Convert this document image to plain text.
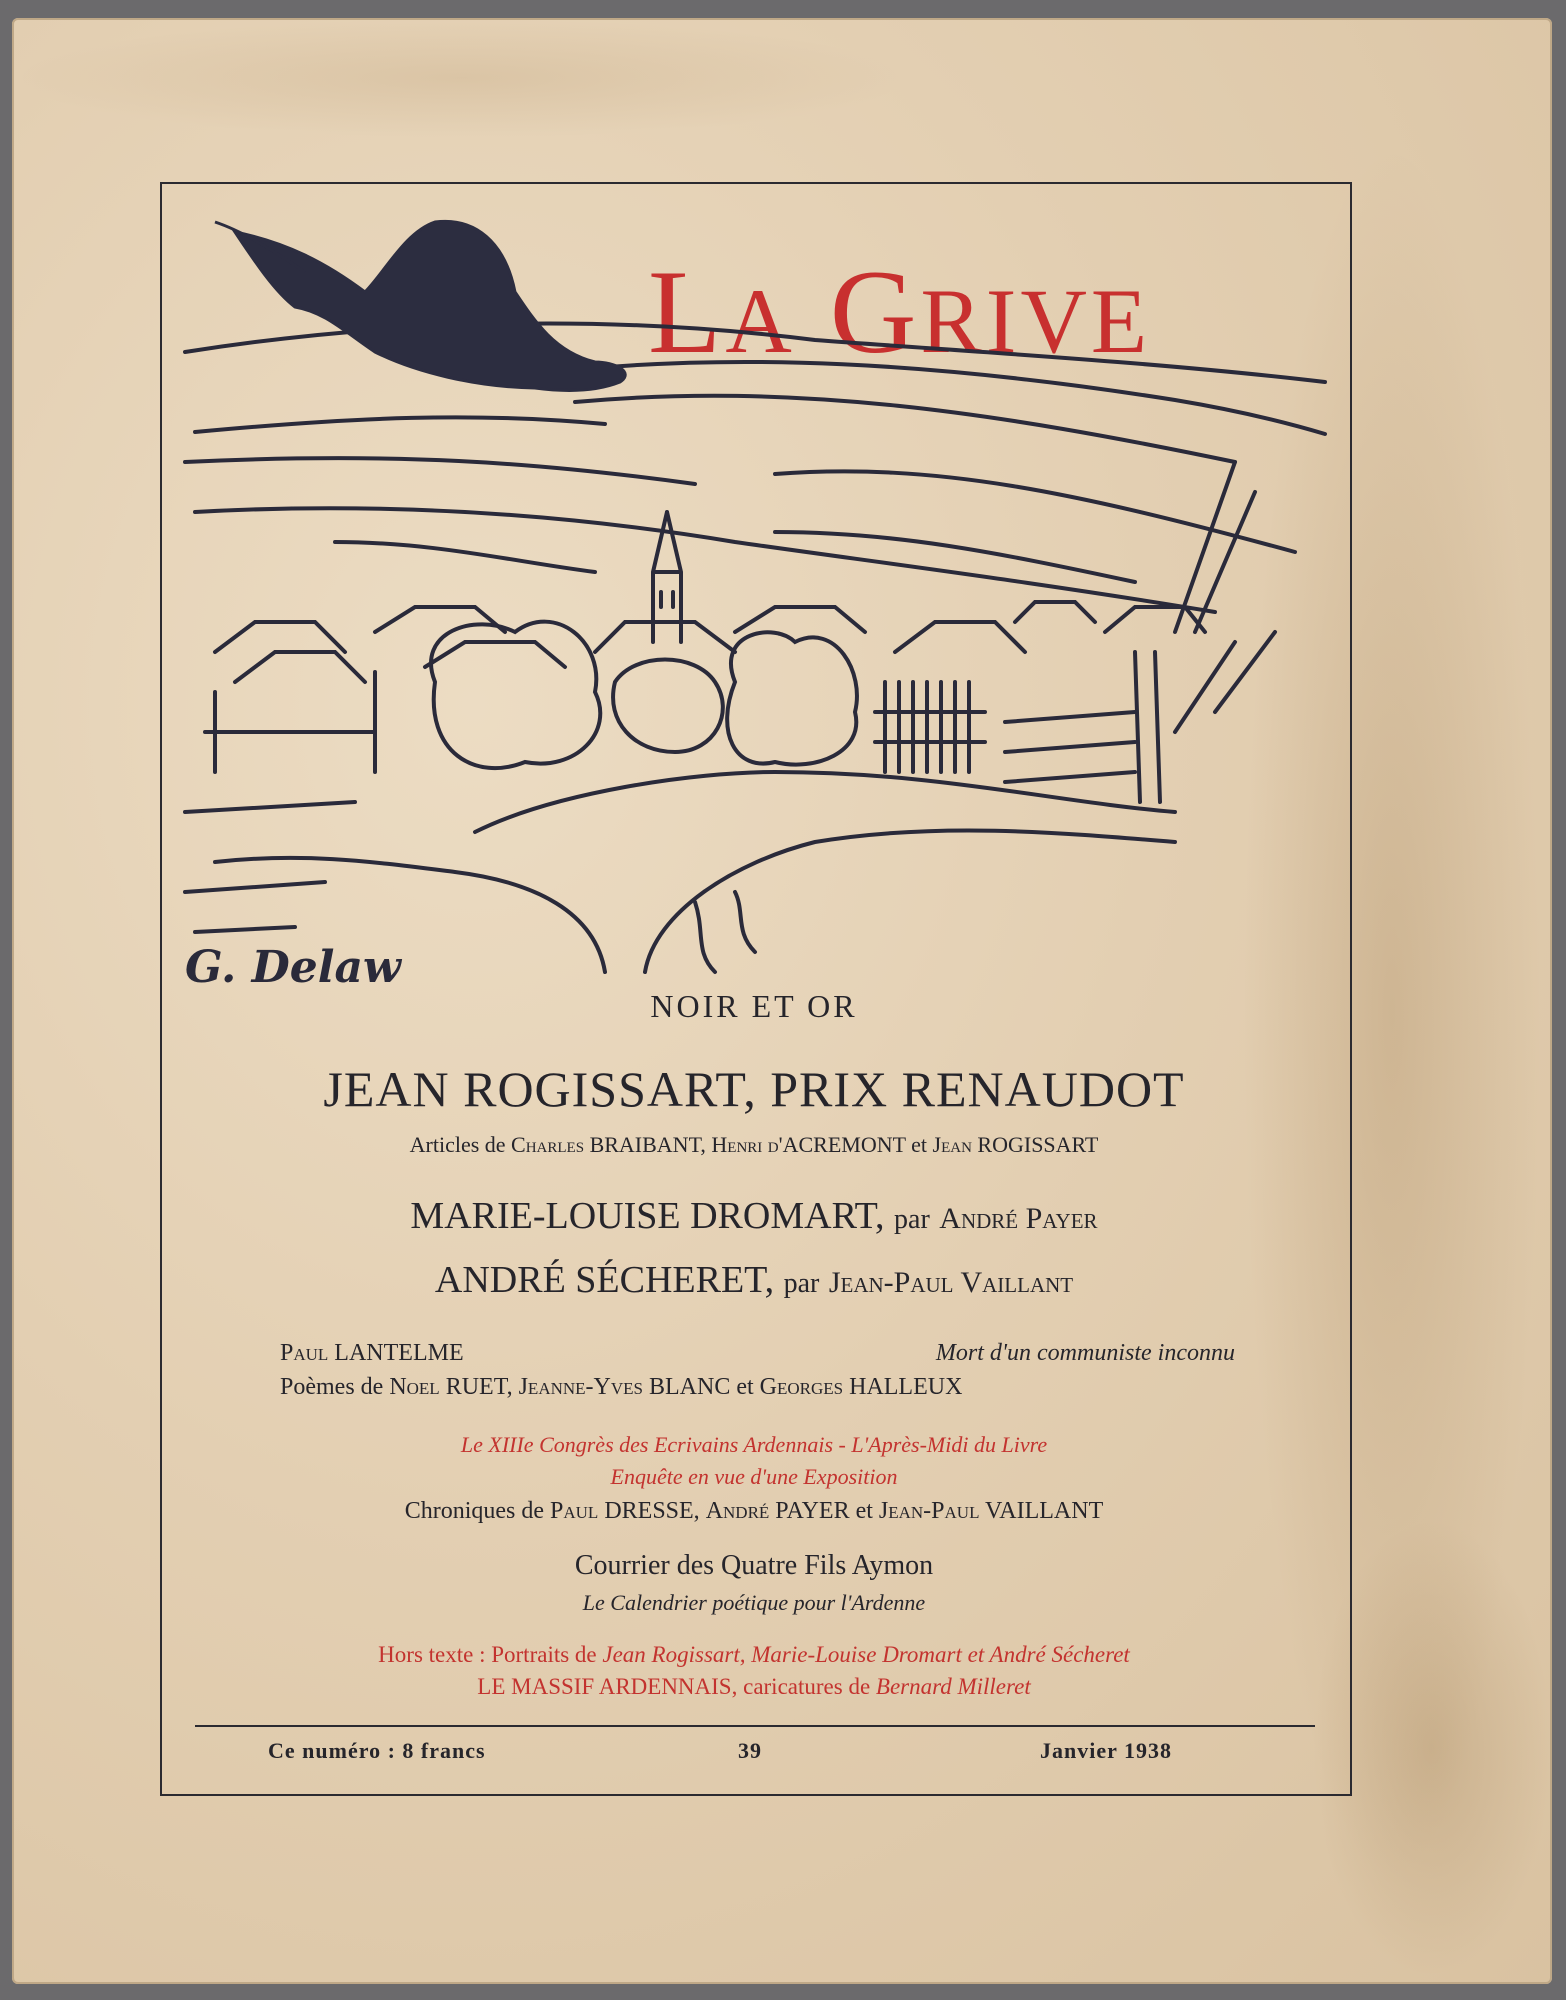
LA GRIVE
G. Delaw
NOIR ET OR
JEAN ROGISSART, PRIX RENAUDOT
Articles de Charles BRAIBANT, Henri d'ACREMONT et Jean ROGISSART
MARIE-LOUISE DROMART, par André Payer
ANDRÉ SÉCHERET, par Jean-Paul Vaillant
Paul LANTELME	Mort d'un communiste inconnu
Poèmes de Noel RUET, Jeanne-Yves BLANC et Georges HALLEUX
Le XIIIe Congrès des Ecrivains Ardennais - L'Après-Midi du Livre
Enquête en vue d'une Exposition
Chroniques de Paul DRESSE, André PAYER et Jean-Paul VAILLANT
Courrier des Quatre Fils Aymon
Le Calendrier poétique pour l'Ardenne
Hors texte : Portraits de Jean Rogissart, Marie-Louise Dromart et André Sécheret
LE MASSIF ARDENNAIS, caricatures de Bernard Milleret
Ce numéro : 8 francs	39	Janvier 1938
